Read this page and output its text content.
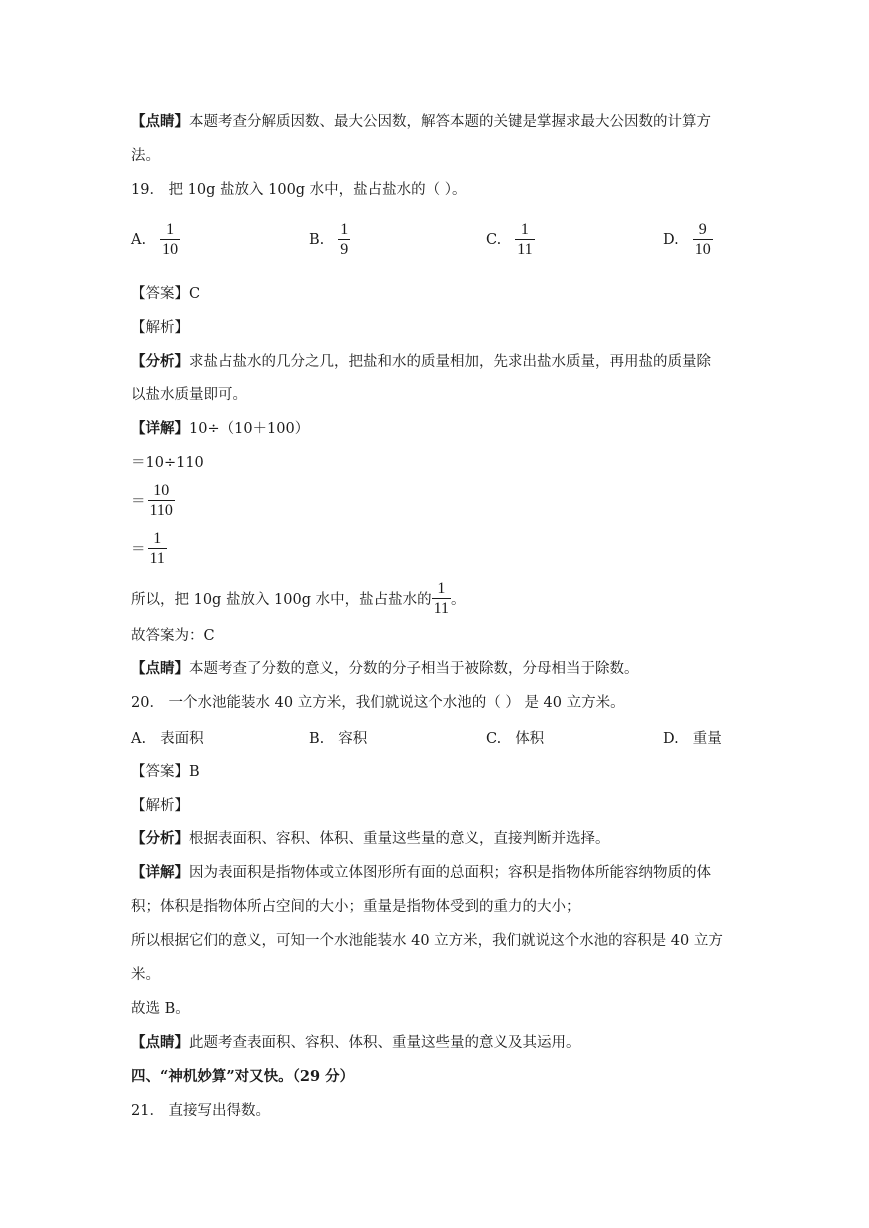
【点睛】本题考查分解质因数、最大公因数，解答本题的关键是掌握求最大公因数的计算方
法。
19． 把 10g 盐放入 100g 水中，盐占盐水的（ ）。
A. $\frac{1}{10}$	B. $\frac{1}{9}$	C. $\frac{1}{11}$	D. $\frac{9}{10}$
【答案】C
【解析】
【分析】求盐占盐水的几分之几，把盐和水的质量相加，先求出盐水质量，再用盐的质量除
以盐水质量即可。
【详解】10÷（10＋100）
＝10÷110
＝ $\frac{10}{110}$
＝ $\frac{1}{11}$
所以，把 10g 盐放入 100g 水中，盐占盐水的 $\frac{1}{11}$ 。
故答案为：C
【点睛】本题考查了分数的意义，分数的分子相当于被除数，分母相当于除数。
20． 一个水池能装水 40 立方米，我们就说这个水池的（ ） 是 40 立方米。
A. 表面积	B. 容积	C. 体积	D. 重量
【答案】B
【解析】
【分析】根据表面积、容积、体积、重量这些量的意义，直接判断并选择。
【详解】因为表面积是指物体或立体图形所有面的总面积；容积是指物体所能容纳物质的体
积；体积是指物体所占空间的大小；重量是指物体受到的重力的大小；
所以根据它们的意义，可知一个水池能装水 40 立方米，我们就说这个水池的容积是 40 立方
米。
故选 B。
【点睛】此题考查表面积、容积、体积、重量这些量的意义及其运用。
四、“神机妙算”对又快。（29 分）
21． 直接写出得数。
